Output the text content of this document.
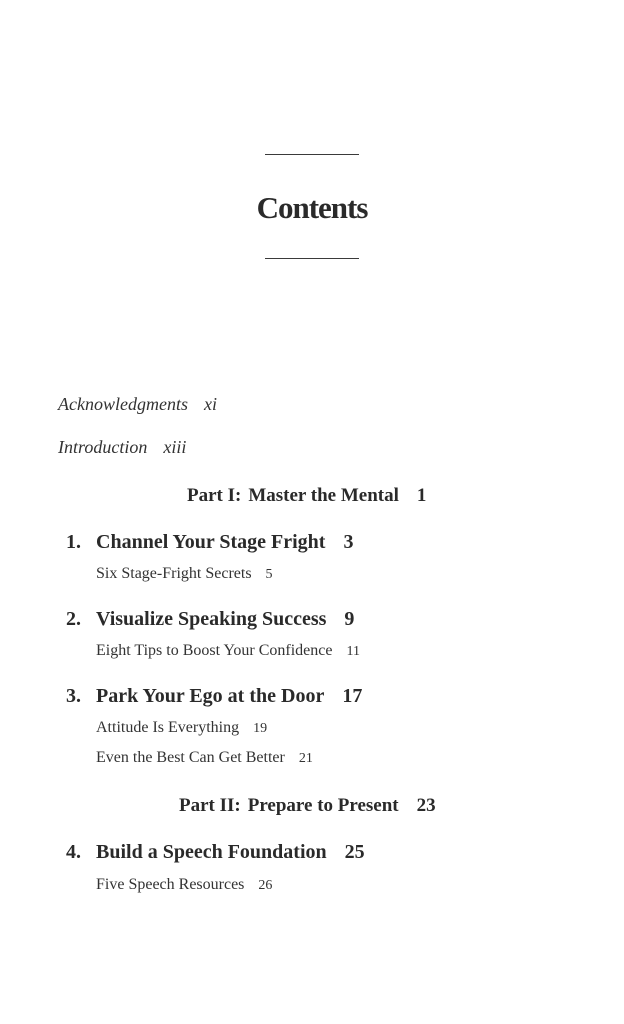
Contents
Acknowledgments xi
Introduction xiii
Part I: Master the Mental 1
1. Channel Your Stage Fright 3
Six Stage-Fright Secrets 5
2. Visualize Speaking Success 9
Eight Tips to Boost Your Confidence 11
3. Park Your Ego at the Door 17
Attitude Is Everything 19
Even the Best Can Get Better 21
Part II: Prepare to Present 23
4. Build a Speech Foundation 25
Five Speech Resources 26
